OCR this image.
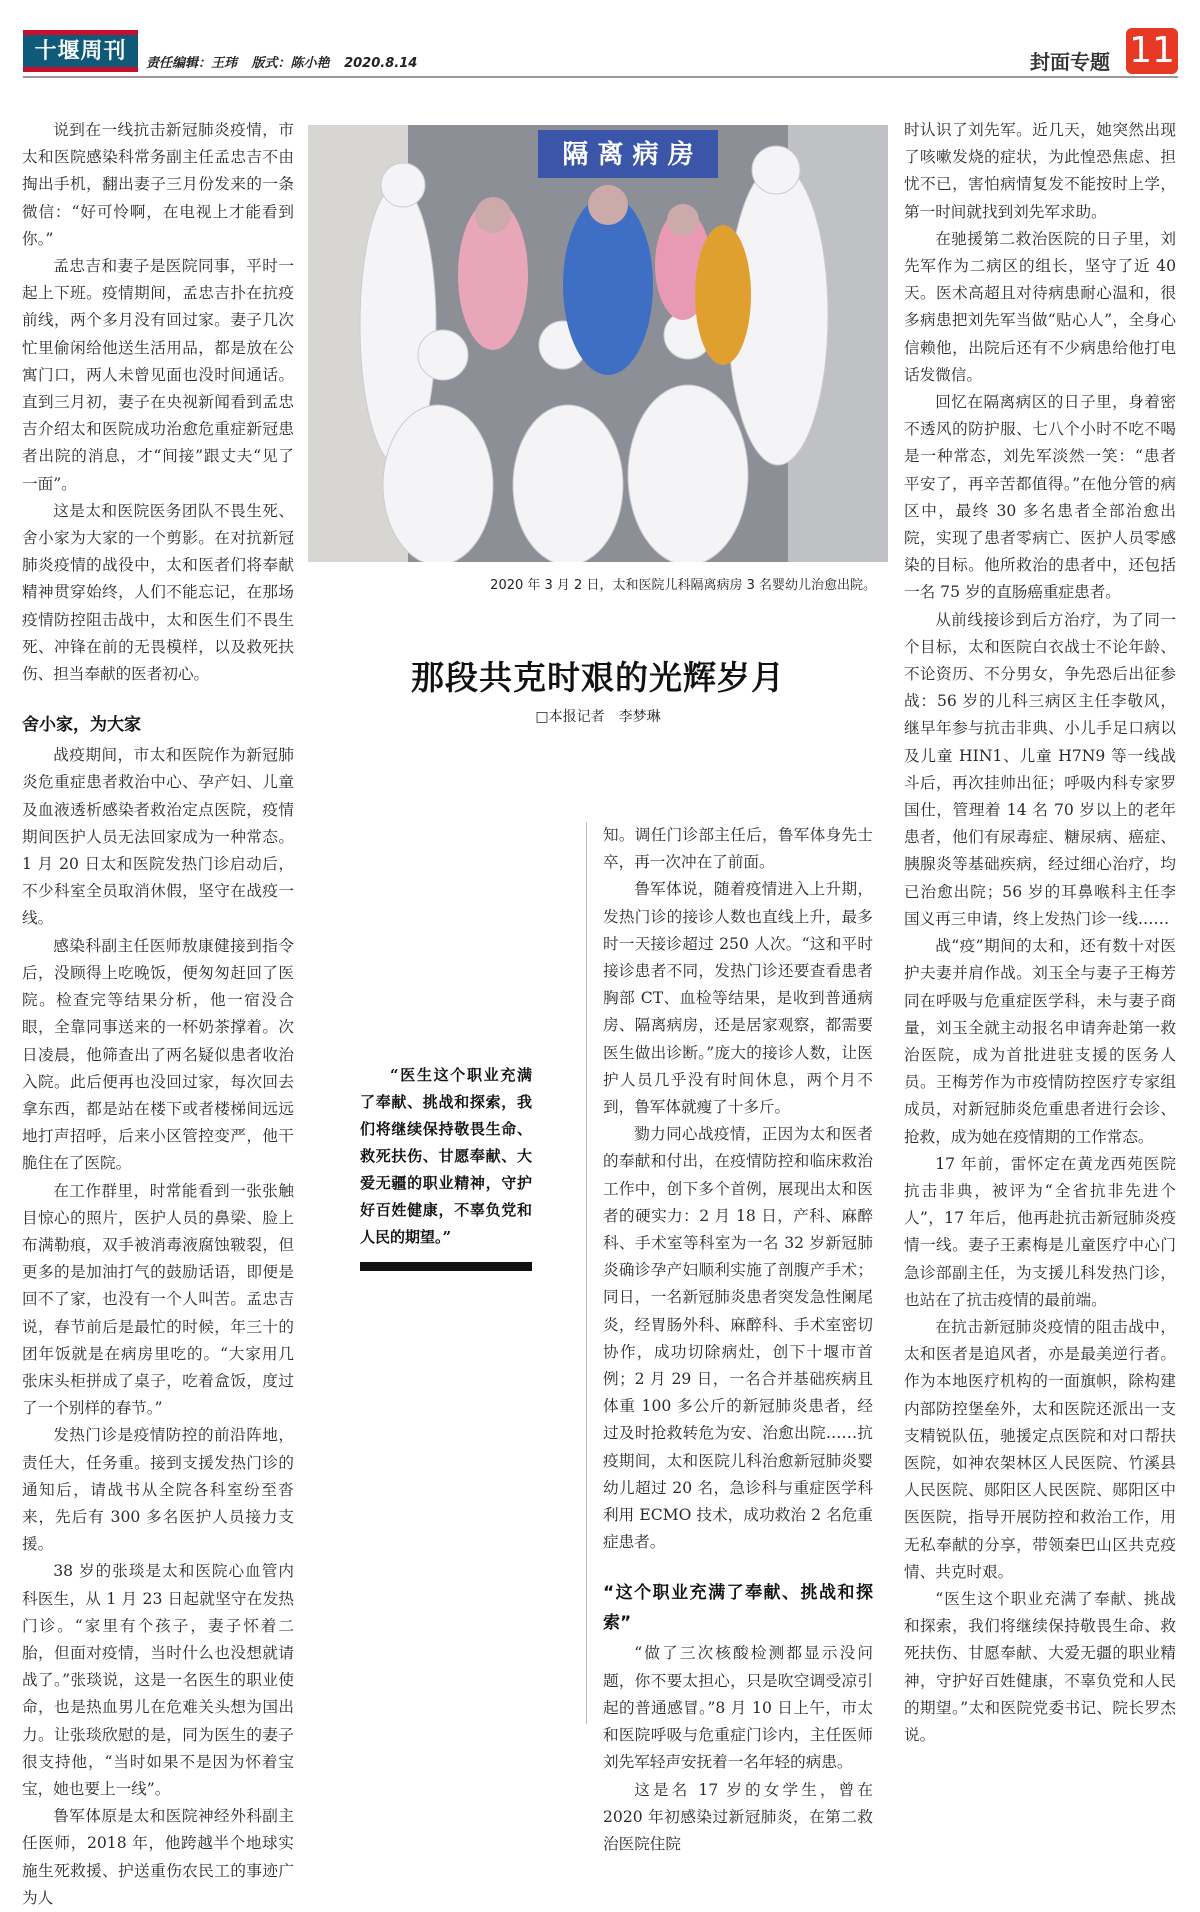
十堰周刊	责任编辑：王玮 版式：陈小艳 2020.8.14	封面专题 11

说到在一线抗击新冠肺炎疫情，市太和医院感染科常务副主任孟忠吉不由掏出手机，翻出妻子三月份发来的一条微信：“好可怜啊，在电视上才能看到你。”

孟忠吉和妻子是医院同事，平时一起上下班。疫情期间，孟忠吉扑在抗疫前线，两个多月没有回过家。妻子几次忙里偷闲给他送生活用品，都是放在公寓门口，两人未曾见面也没时间通话。直到三月初，妻子在央视新闻看到孟忠吉介绍太和医院成功治愈危重症新冠患者出院的消息，才“间接”跟丈夫“见了一面”。

这是太和医院医务团队不畏生死、舍小家为大家的一个剪影。在对抗新冠肺炎疫情的战役中，太和医者们将奉献精神贯穿始终，人们不能忘记，在那场疫情防控阻击战中，太和医生们不畏生死、冲锋在前的无畏模样，以及救死扶伤、担当奉献的医者初心。

舍小家，为大家

战疫期间，市太和医院作为新冠肺炎危重症患者救治中心、孕产妇、儿童及血液透析感染者救治定点医院，疫情期间医护人员无法回家成为一种常态。1 月 20 日太和医院发热门诊启动后，不少科室全员取消休假，坚守在战疫一线。

感染科副主任医师敖康健接到指令后，没顾得上吃晚饭，便匆匆赶回了医院。检查完等结果分析，他一宿没合眼，全靠同事送来的一杯奶茶撑着。次日凌晨，他筛查出了两名疑似患者收治入院。此后便再也没回过家，每次回去拿东西，都是站在楼下或者楼梯间远远地打声招呼，后来小区管控变严，他干脆住在了医院。

在工作群里，时常能看到一张张触目惊心的照片，医护人员的鼻梁、脸上布满勒痕，双手被消毒液腐蚀皲裂，但更多的是加油打气的鼓励话语，即便是回不了家，也没有一个人叫苦。孟忠吉说，春节前后是最忙的时候，年三十的团年饭就是在病房里吃的。“大家用几张床头柜拼成了桌子，吃着盒饭，度过了一个别样的春节。”

发热门诊是疫情防控的前沿阵地，责任大，任务重。接到支援发热门诊的通知后，请战书从全院各科室纷至沓来，先后有 300 多名医护人员接力支援。

38 岁的张琰是太和医院心血管内科医生，从 1 月 23 日起就坚守在发热门诊。“家里有个孩子，妻子怀着二胎，但面对疫情，当时什么也没想就请战了。”张琰说，这是一名医生的职业使命，也是热血男儿在危难关头想为国出力。让张琰欣慰的是，同为医生的妻子很支持他，“当时如果不是因为怀着宝宝，她也要上一线”。

鲁军体原是太和医院神经外科副主任医师，2018 年，他跨越半个地球实施生死救援、护送重伤农民工的事迹广为人

隔 离 病 房
2020 年 3 月 2 日，太和医院儿科隔离病房 3 名婴幼儿治愈出院。
那段共克时艰的光辉岁月
□本报记者　李梦琳
“医生这个职业充满了奉献、挑战和探索，我们将继续保持敬畏生命、救死扶伤、甘愿奉献、大爱无疆的职业精神，守护好百姓健康，不辜负党和人民的期望。”

知。调任门诊部主任后，鲁军体身先士卒，再一次冲在了前面。

鲁军体说，随着疫情进入上升期，发热门诊的接诊人数也直线上升，最多时一天接诊超过 250 人次。“这和平时接诊患者不同，发热门诊还要查看患者胸部 CT、血检等结果，是收到普通病房、隔离病房，还是居家观察，都需要医生做出诊断。”庞大的接诊人数，让医护人员几乎没有时间休息，两个月不到，鲁军体就瘦了十多斤。

勠力同心战疫情，正因为太和医者的奉献和付出，在疫情防控和临床救治工作中，创下多个首例，展现出太和医者的硬实力：2 月 18 日，产科、麻醉科、手术室等科室为一名 32 岁新冠肺炎确诊孕产妇顺利实施了剖腹产手术；同日，一名新冠肺炎患者突发急性阑尾炎，经胃肠外科、麻醉科、手术室密切协作，成功切除病灶，创下十堰市首例；2 月 29 日，一名合并基础疾病且体重 100 多公斤的新冠肺炎患者，经过及时抢救转危为安、治愈出院……抗疫期间，太和医院儿科治愈新冠肺炎婴幼儿超过 20 名，急诊科与重症医学科利用 ECMO 技术，成功救治 2 名危重症患者。

“这个职业充满了奉献、挑战和探索”

“做了三次核酸检测都显示没问题，你不要太担心，只是吹空调受凉引起的普通感冒。”8 月 10 日上午，市太和医院呼吸与危重症门诊内，主任医师刘先军轻声安抚着一名年轻的病患。

这是名 17 岁的女学生，曾在 2020 年初感染过新冠肺炎，在第二救治医院住院

时认识了刘先军。近几天，她突然出现了咳嗽发烧的症状，为此惶恐焦虑、担忧不已，害怕病情复发不能按时上学，第一时间就找到刘先军求助。

在驰援第二救治医院的日子里，刘先军作为二病区的组长，坚守了近 40 天。医术高超且对待病患耐心温和，很多病患把刘先军当做“贴心人”，全身心信赖他，出院后还有不少病患给他打电话发微信。

回忆在隔离病区的日子里，身着密不透风的防护服、七八个小时不吃不喝是一种常态，刘先军淡然一笑：“患者平安了，再辛苦都值得。”在他分管的病区中，最终 30 多名患者全部治愈出院，实现了患者零病亡、医护人员零感染的目标。他所救治的患者中，还包括一名 75 岁的直肠癌重症患者。

从前线接诊到后方治疗，为了同一个目标，太和医院白衣战士不论年龄、不论资历、不分男女，争先恐后出征参战：56 岁的儿科三病区主任李敬风，继早年参与抗击非典、小儿手足口病以及儿童 HIN1、儿童 H7N9 等一线战斗后，再次挂帅出征；呼吸内科专家罗国仕，管理着 14 名 70 岁以上的老年患者，他们有尿毒症、糖尿病、癌症、胰腺炎等基础疾病，经过细心治疗，均已治愈出院；56 岁的耳鼻喉科主任李国义再三申请，终上发热门诊一线……

战“疫”期间的太和，还有数十对医护夫妻并肩作战。刘玉全与妻子王梅芳同在呼吸与危重症医学科，未与妻子商量，刘玉全就主动报名申请奔赴第一救治医院，成为首批进驻支援的医务人员。王梅芳作为市疫情防控医疗专家组成员，对新冠肺炎危重患者进行会诊、抢救，成为她在疫情期的工作常态。

17 年前，雷怀定在黄龙西苑医院抗击非典，被评为“全省抗非先进个人”，17 年后，他再赴抗击新冠肺炎疫情一线。妻子王素梅是儿童医疗中心门急诊部副主任，为支援儿科发热门诊，也站在了抗击疫情的最前端。

在抗击新冠肺炎疫情的阻击战中，太和医者是追风者，亦是最美逆行者。作为本地医疗机构的一面旗帜，除构建内部防控堡垒外，太和医院还派出一支支精锐队伍，驰援定点医院和对口帮扶医院，如神农架林区人民医院、竹溪县人民医院、郧阳区人民医院、郧阳区中医医院，指导开展防控和救治工作，用无私奉献的分享，带领秦巴山区共克疫情、共克时艰。

“医生这个职业充满了奉献、挑战和探索，我们将继续保持敬畏生命、救死扶伤、甘愿奉献、大爱无疆的职业精神，守护好百姓健康，不辜负党和人民的期望。”太和医院党委书记、院长罗杰说。
